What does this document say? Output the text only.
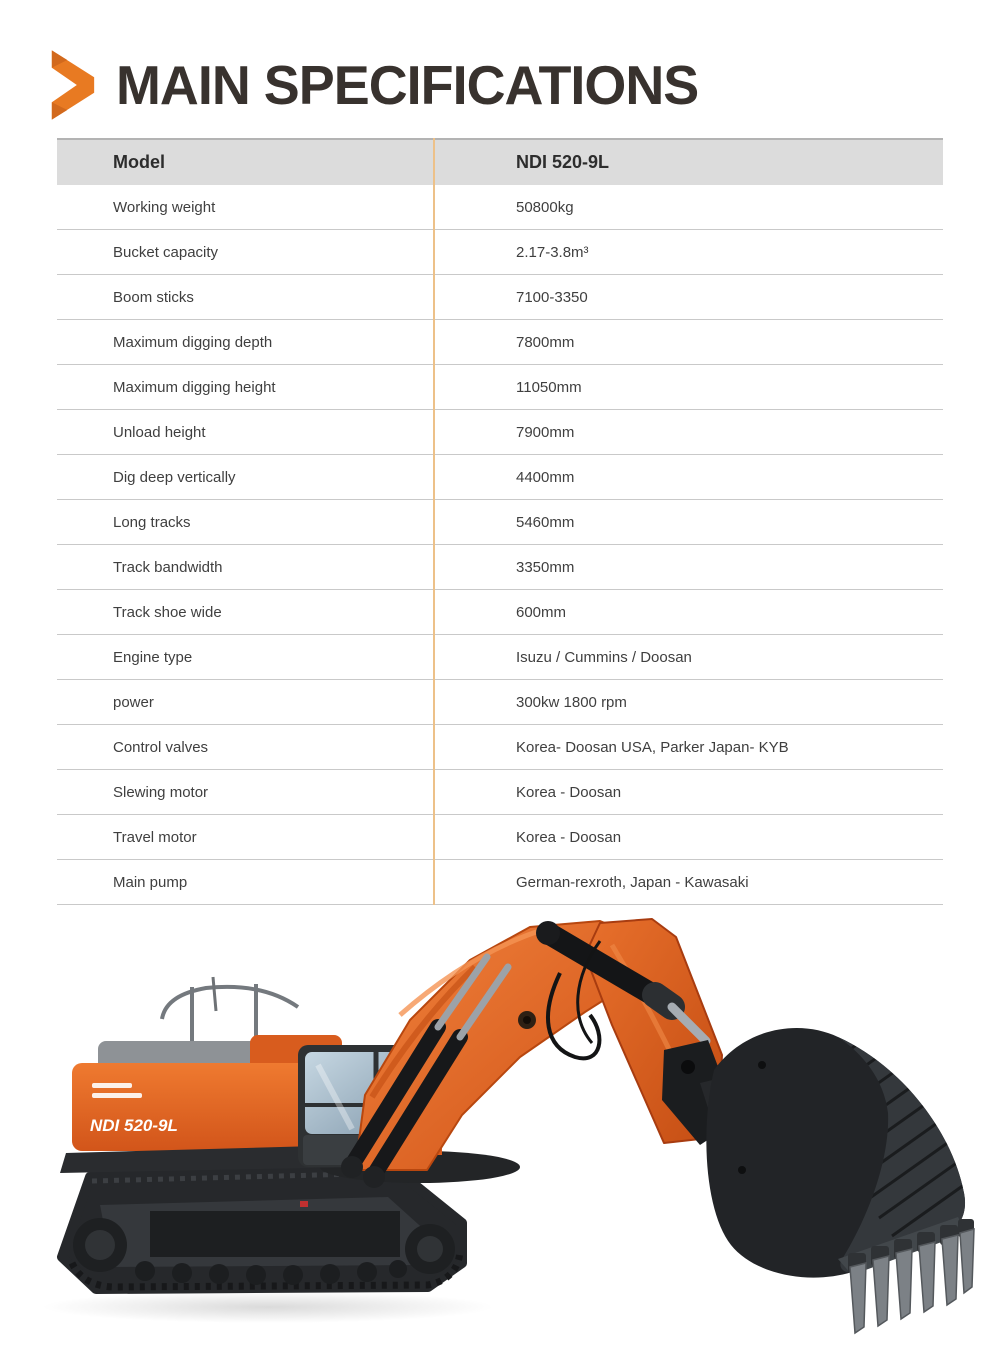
MAIN SPECIFICATIONS
Model	NDI 520-9L
Working weight	50800kg
Bucket capacity	2.17-3.8m³
Boom sticks	7100-3350
Maximum digging depth	7800mm
Maximum digging height	11050mm
Unload height	7900mm
Dig deep vertically	4400mm
Long tracks	5460mm
Track bandwidth	3350mm
Track shoe wide	600mm
Engine type	Isuzu / Cummins / Doosan
power	300kw 1800 rpm
Control valves	Korea- Doosan USA, Parker Japan- KYB
Slewing motor	Korea - Doosan
Travel motor	Korea - Doosan
Main pump	German-rexroth, Japan - Kawasaki
NDI 520-9L
